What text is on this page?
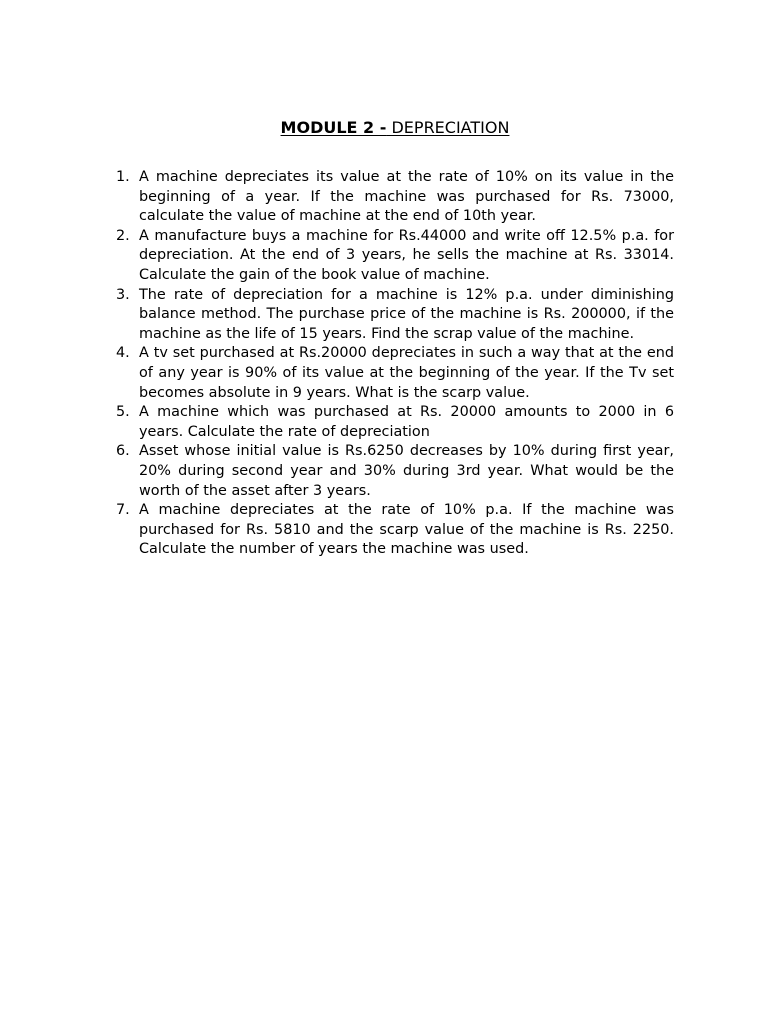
MODULE 2 - DEPRECIATION
1. A machine depreciates its value at the rate of 10% on its value in the beginning of a year. If the machine was purchased for Rs. 73000, calculate the value of machine at the end of 10th year.
2. A manufacture buys a machine for Rs.44000 and write off 12.5% p.a. for depreciation. At the end of 3 years, he sells the machine at Rs. 33014. Calculate the gain of the book value of machine.
3. The rate of depreciation for a machine is 12% p.a. under diminishing balance method. The purchase price of the machine is Rs. 200000, if the machine as the life of 15 years. Find the scrap value of the machine.
4. A tv set purchased at Rs.20000 depreciates in such a way that at the end of any year is 90% of its value at the beginning of the year. If the Tv set becomes absolute in 9 years. What is the scarp value.
5. A machine which was purchased at Rs. 20000 amounts to 2000 in 6 years. Calculate the rate of depreciation
6. Asset whose initial value is Rs.6250 decreases by 10% during first year, 20% during second year and 30% during 3rd year. What would be the worth of the asset after 3 years.
7. A machine depreciates at the rate of 10% p.a. If the machine was purchased for Rs. 5810 and the scarp value of the machine is Rs. 2250. Calculate the number of years the machine was used.
